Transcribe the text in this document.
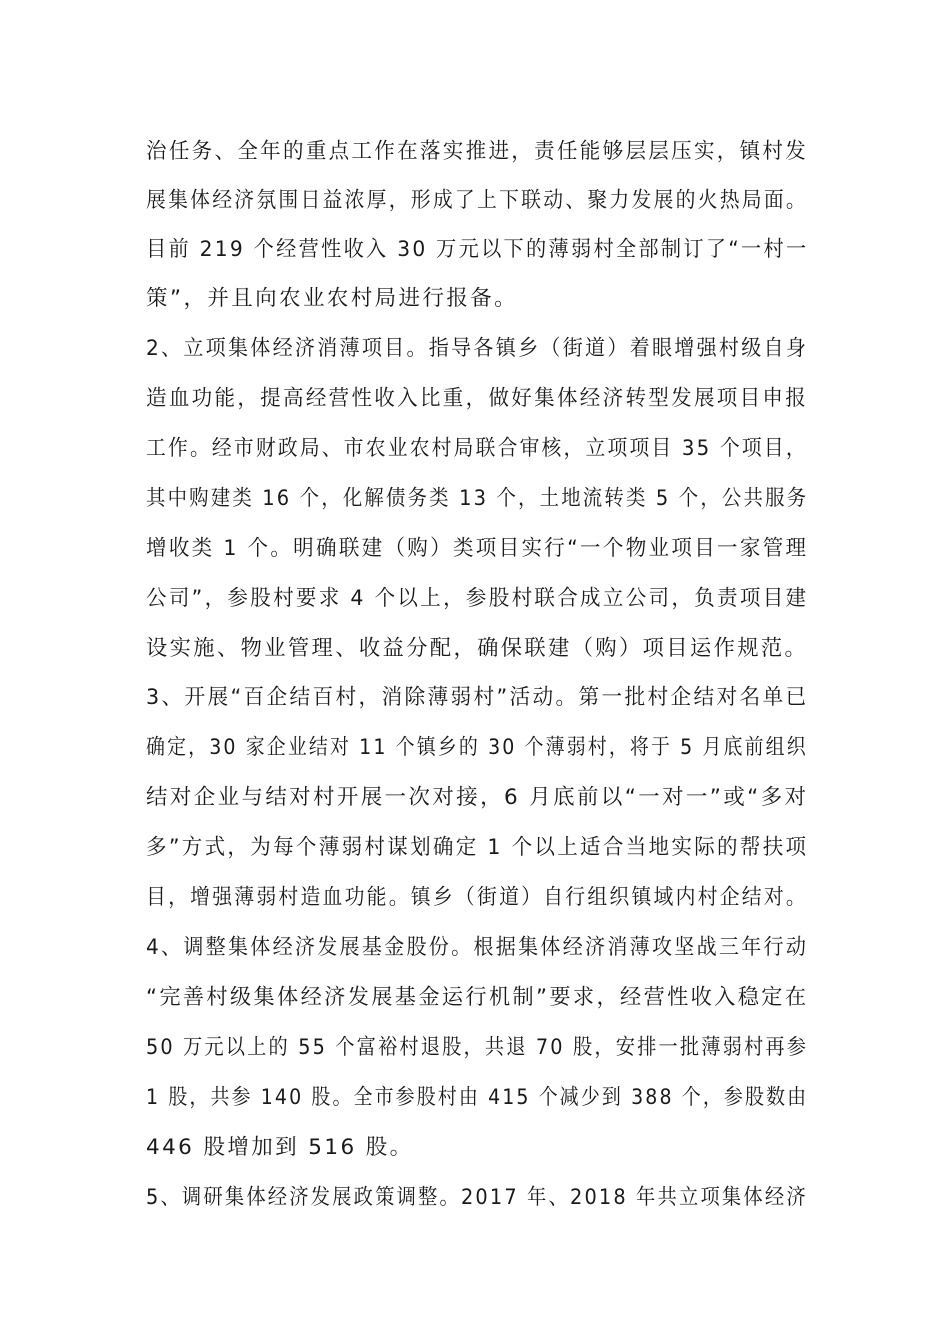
治任务、全年的重点工作在落实推进，责任能够层层压实，镇村发
展集体经济氛围日益浓厚，形成了上下联动、聚力发展的火热局面。
目前 219 个经营性收入 30 万元以下的薄弱村全部制订了“一村一
策”，并且向农业农村局进行报备。
2、立项集体经济消薄项目。指导各镇乡（街道）着眼增强村级自身
造血功能，提高经营性收入比重，做好集体经济转型发展项目申报
工作。经市财政局、市农业农村局联合审核，立项项目 35 个项目，
其中购建类 16 个，化解债务类 13 个，土地流转类 5 个，公共服务
增收类 1 个。明确联建（购）类项目实行“一个物业项目一家管理
公司”，参股村要求 4 个以上，参股村联合成立公司，负责项目建
设实施、物业管理、收益分配，确保联建（购）项目运作规范。
3、开展“百企结百村，消除薄弱村”活动。第一批村企结对名单已
确定，30 家企业结对 11 个镇乡的 30 个薄弱村，将于 5 月底前组织
结对企业与结对村开展一次对接，6 月底前以“一对一”或“多对
多”方式，为每个薄弱村谋划确定 1 个以上适合当地实际的帮扶项
目，增强薄弱村造血功能。镇乡（街道）自行组织镇域内村企结对。
4、调整集体经济发展基金股份。根据集体经济消薄攻坚战三年行动
“完善村级集体经济发展基金运行机制”要求，经营性收入稳定在
50 万元以上的 55 个富裕村退股，共退 70 股，安排一批薄弱村再参
1 股，共参 140 股。全市参股村由 415 个减少到 388 个，参股数由
446 股增加到 516 股。
5、调研集体经济发展政策调整。2017 年、2018 年共立项集体经济
